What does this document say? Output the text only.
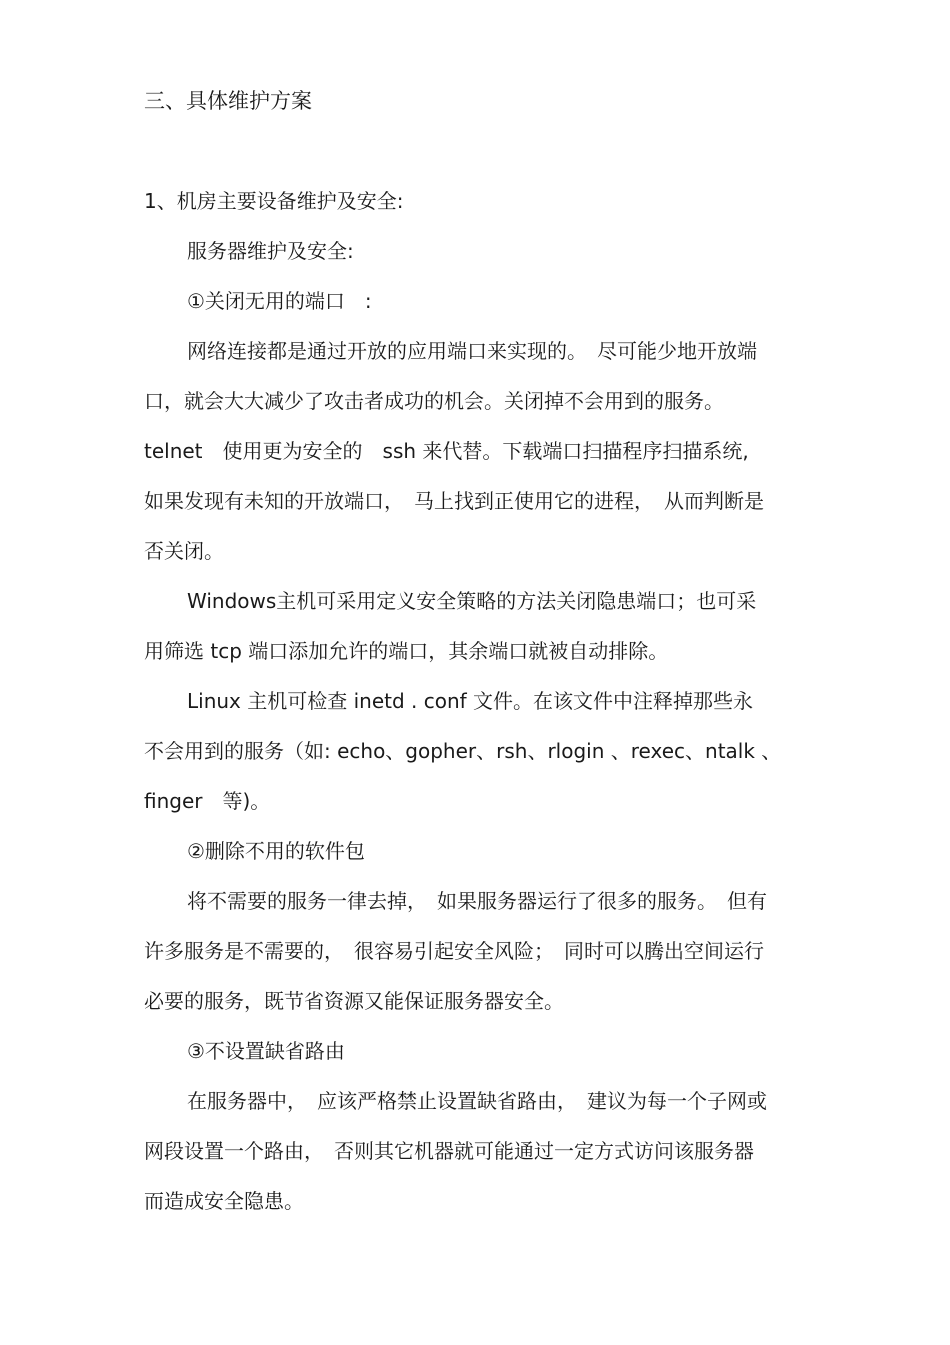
三、具体维护方案
1、机房主要设备维护及安全:
服务器维护及安全:
①关闭无用的端口　:
网络连接都是通过开放的应用端口来实现的。　尽可能少地开放端
口，就会大大减少了攻击者成功的机会。关闭掉不会用到的服务。
telnet　使用更为安全的　ssh 来代替。下载端口扫描程序扫描系统,
如果发现有未知的开放端口，　马上找到正使用它的进程，　从而判断是
否关闭。
Windows主机可采用定义安全策略的方法关闭隐患端口；也可采
用筛选 tcp 端口添加允许的端口，其余端口就被自动排除。
Linux 主机可检查 inetd . conf 文件。在该文件中注释掉那些永
不会用到的服务（如: echo、gopher、rsh、rlogin 、rexec、ntalk 、
finger　等)。
②删除不用的软件包
将不需要的服务一律去掉，　如果服务器运行了很多的服务。　但有
许多服务是不需要的，　很容易引起安全风险；　同时可以腾出空间运行
必要的服务，既节省资源又能保证服务器安全。
③不设置缺省路由
在服务器中，　应该严格禁止设置缺省路由，　建议为每一个子网或
网段设置一个路由，　否则其它机器就可能通过一定方式访问该服务器
而造成安全隐患。
